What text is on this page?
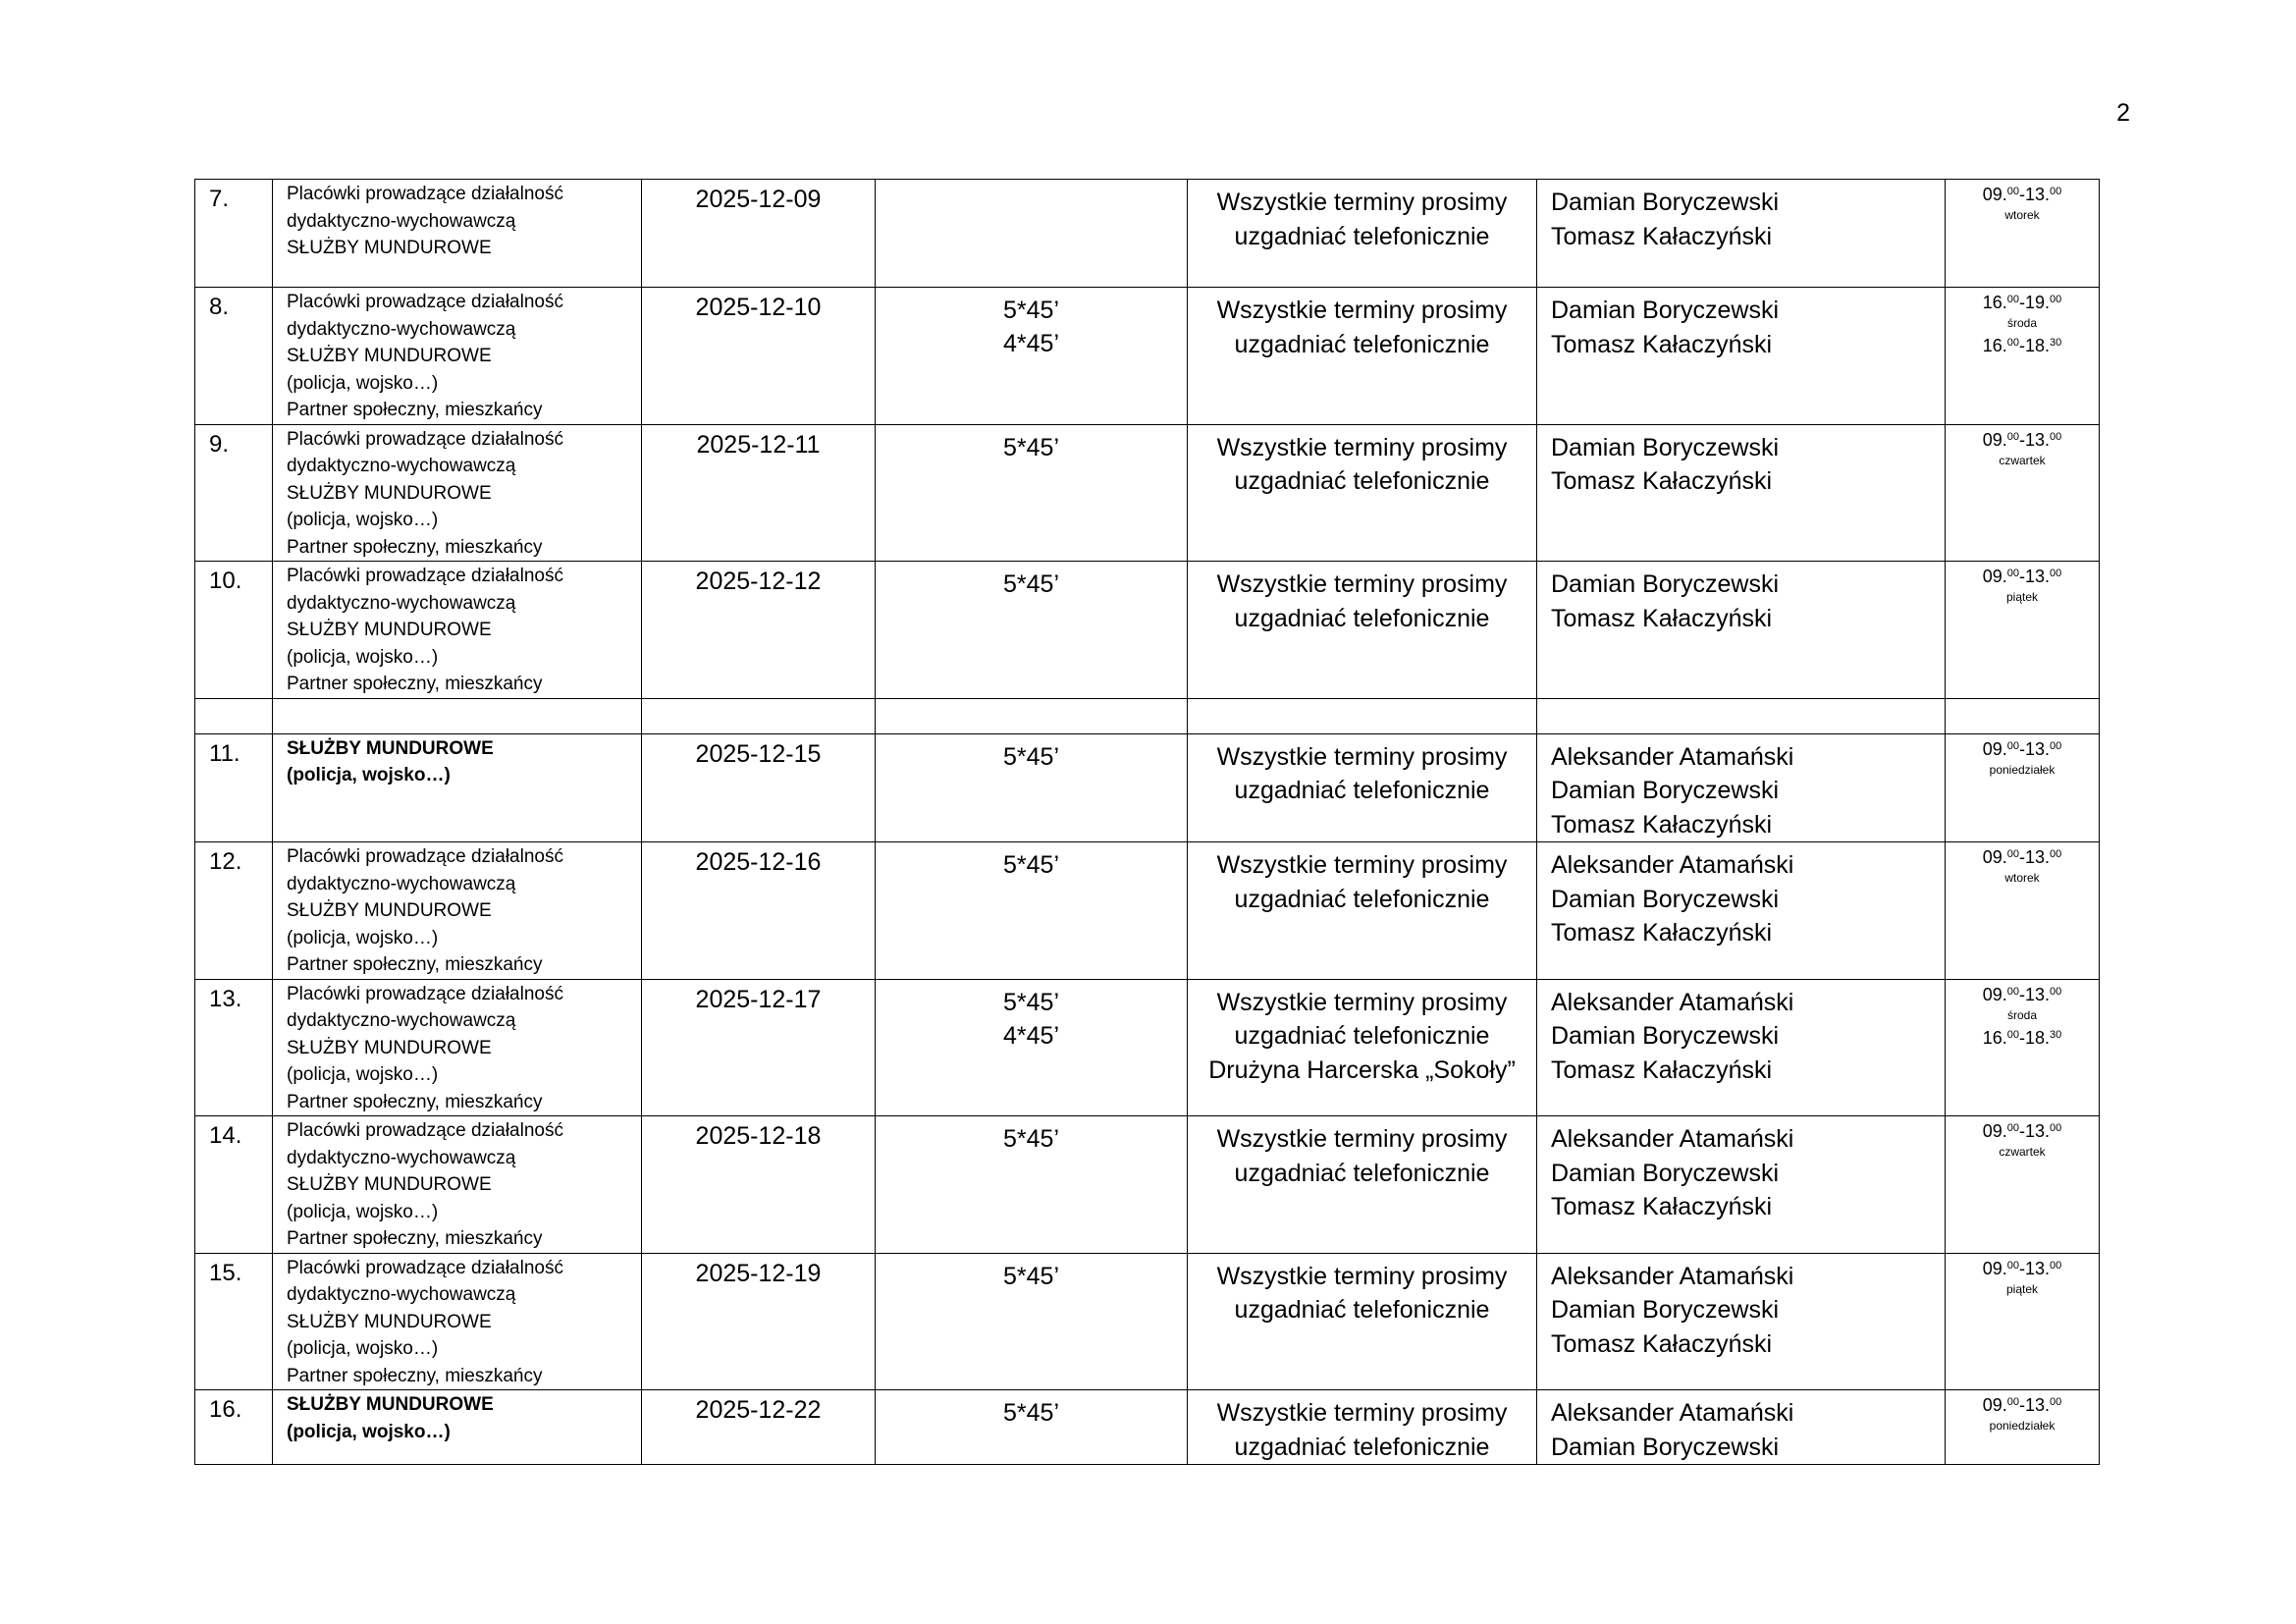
2
7.	Placówki prowadzące działalność
dydaktyczno-wychowawczą
SŁUŻBY MUNDUROWE	2025-12-09		Wszystkie terminy prosimy
uzgadniać telefonicznie	Damian Boryczewski
Tomasz Kałaczyński	09.00-13.00
wtorek

8.	Placówki prowadzące działalność
dydaktyczno-wychowawczą
SŁUŻBY MUNDUROWE
(policja, wojsko…)
Partner społeczny, mieszkańcy	2025-12-10	5*45’
4*45’	Wszystkie terminy prosimy
uzgadniać telefonicznie	Damian Boryczewski
Tomasz Kałaczyński	16.00-19.00
środa
16.00-18.30

9.	Placówki prowadzące działalność
dydaktyczno-wychowawczą
SŁUŻBY MUNDUROWE
(policja, wojsko…)
Partner społeczny, mieszkańcy	2025-12-11	5*45’	Wszystkie terminy prosimy
uzgadniać telefonicznie	Damian Boryczewski
Tomasz Kałaczyński	09.00-13.00
czwartek

10.	Placówki prowadzące działalność
dydaktyczno-wychowawczą
SŁUŻBY MUNDUROWE
(policja, wojsko…)
Partner społeczny, mieszkańcy	2025-12-12	5*45’	Wszystkie terminy prosimy
uzgadniać telefonicznie	Damian Boryczewski
Tomasz Kałaczyński	09.00-13.00
piątek

11.	SŁUŻBY MUNDUROWE
(policja, wojsko…)	2025-12-15	5*45’	Wszystkie terminy prosimy
uzgadniać telefonicznie	Aleksander Atamański
Damian Boryczewski
Tomasz Kałaczyński	09.00-13.00
poniedziałek

12.	Placówki prowadzące działalność
dydaktyczno-wychowawczą
SŁUŻBY MUNDUROWE
(policja, wojsko…)
Partner społeczny, mieszkańcy	2025-12-16	5*45’	Wszystkie terminy prosimy
uzgadniać telefonicznie	Aleksander Atamański
Damian Boryczewski
Tomasz Kałaczyński	09.00-13.00
wtorek

13.	Placówki prowadzące działalność
dydaktyczno-wychowawczą
SŁUŻBY MUNDUROWE
(policja, wojsko…)
Partner społeczny, mieszkańcy	2025-12-17	5*45’
4*45’	Wszystkie terminy prosimy
uzgadniać telefonicznie
Drużyna Harcerska „Sokoły”	Aleksander Atamański
Damian Boryczewski
Tomasz Kałaczyński	09.00-13.00
środa
16.00-18.30

14.	Placówki prowadzące działalność
dydaktyczno-wychowawczą
SŁUŻBY MUNDUROWE
(policja, wojsko…)
Partner społeczny, mieszkańcy	2025-12-18	5*45’	Wszystkie terminy prosimy
uzgadniać telefonicznie	Aleksander Atamański
Damian Boryczewski
Tomasz Kałaczyński	09.00-13.00
czwartek

15.	Placówki prowadzące działalność
dydaktyczno-wychowawczą
SŁUŻBY MUNDUROWE
(policja, wojsko…)
Partner społeczny, mieszkańcy	2025-12-19	5*45’	Wszystkie terminy prosimy
uzgadniać telefonicznie	Aleksander Atamański
Damian Boryczewski
Tomasz Kałaczyński	09.00-13.00
piątek

16.	SŁUŻBY MUNDUROWE
(policja, wojsko…)	2025-12-22	5*45’	Wszystkie terminy prosimy
uzgadniać telefonicznie	Aleksander Atamański
Damian Boryczewski	09.00-13.00
poniedziałek
